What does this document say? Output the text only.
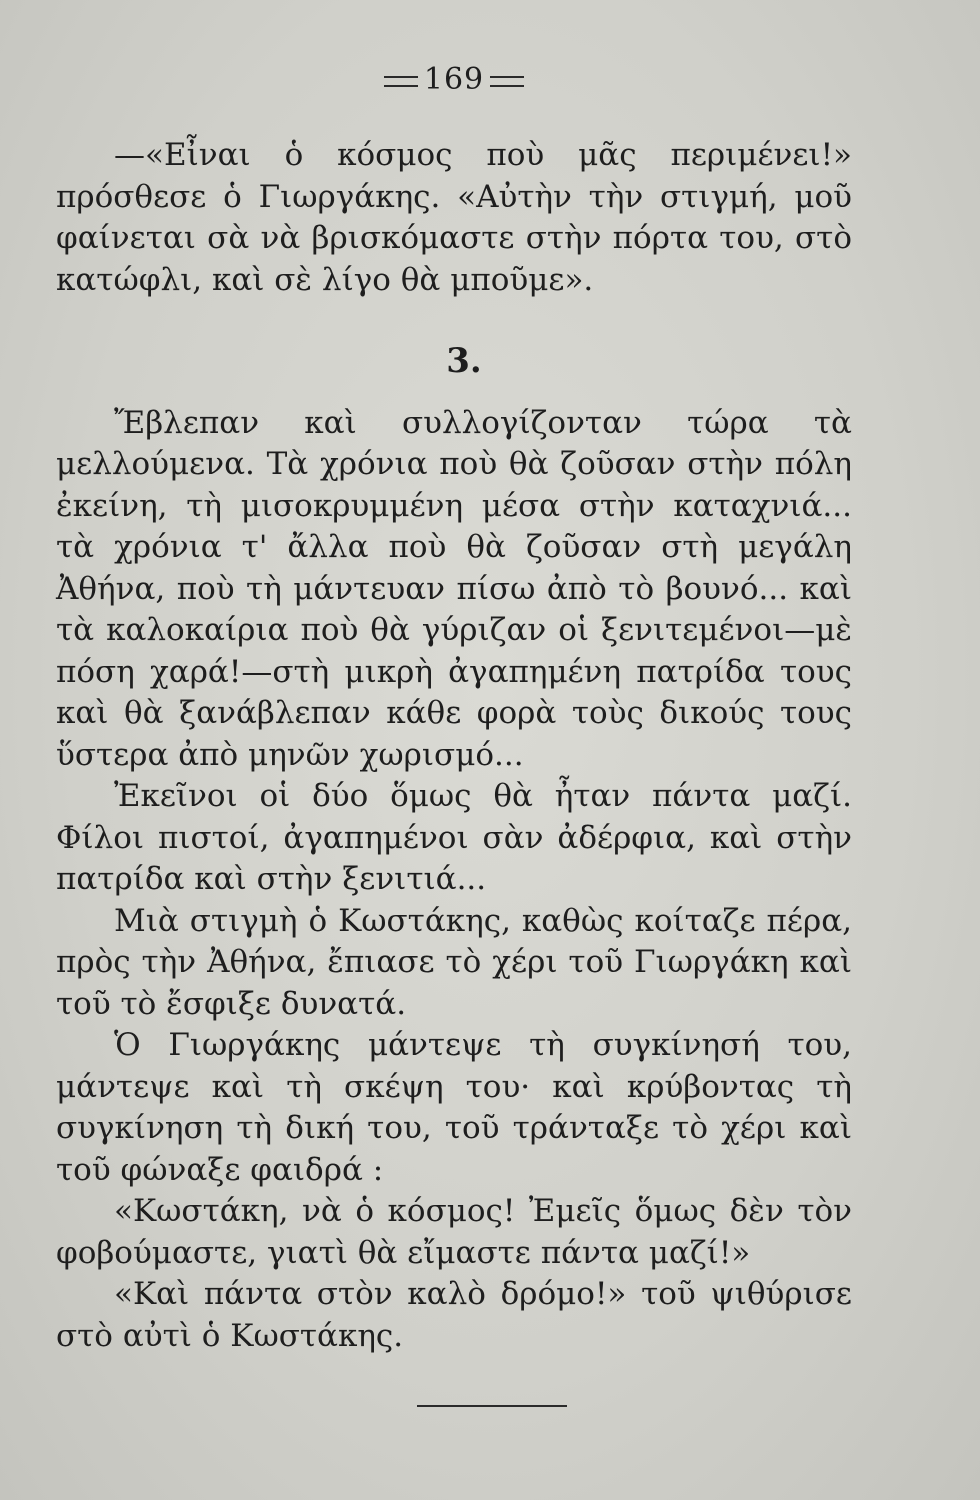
169

—«Εἶναι ὁ κόσμος ποὺ μᾶς περιμένει!» πρόσθεσε ὁ Γιωργάκης. «Αὐτὴν τὴν στιγμή, μοῦ φαίνεται σὰ νὰ βρισκόμαστε στὴν πόρτα του, στὸ κατώφλι, καὶ σὲ λίγο θὰ μποῦμε».

3.

Ἔβλεπαν καὶ συλλογίζονταν τώρα τὰ μελλούμενα. Τὰ χρόνια ποὺ θὰ ζοῦσαν στὴν πόλη ἐκείνη, τὴ μισοκρυμμένη μέσα στὴν καταχνιά... τὰ χρόνια τ' ἄλλα ποὺ θὰ ζοῦσαν στὴ μεγάλη Ἀθήνα, ποὺ τὴ μάντευαν πίσω ἀπὸ τὸ βουνό... καὶ τὰ καλοκαίρια ποὺ θὰ γύριζαν οἱ ξενιτεμένοι—μὲ πόση χαρά!—στὴ μικρὴ ἀγαπημένη πατρίδα τους καὶ θὰ ξανάβλεπαν κάθε φορὰ τοὺς δικούς τους ὕστερα ἀπὸ μηνῶν χωρισμό...

Ἐκεῖνοι οἱ δύο ὅμως θὰ ἦταν πάντα μαζί. Φίλοι πιστοί, ἀγαπημένοι σὰν ἀδέρφια, καὶ στὴν πατρίδα καὶ στὴν ξενιτιά...

Μιὰ στιγμὴ ὁ Κωστάκης, καθὼς κοίταζε πέρα, πρὸς τὴν Ἀθήνα, ἔπιασε τὸ χέρι τοῦ Γιωργάκη καὶ τοῦ τὸ ἔσφιξε δυνατά.

Ὁ Γιωργάκης μάντεψε τὴ συγκίνησή του, μάντεψε καὶ τὴ σκέψη του· καὶ κρύβοντας τὴ συγκίνηση τὴ δική του, τοῦ τράνταξε τὸ χέρι καὶ τοῦ φώναξε φαιδρά :

«Κωστάκη, νὰ ὁ κόσμος! Ἐμεῖς ὅμως δὲν τὸν φοβούμαστε, γιατὶ θὰ εἴμαστε πάντα μαζί!»

«Καὶ πάντα στὸν καλὸ δρόμο!» τοῦ ψιθύρισε στὸ αὐτὶ ὁ Κωστάκης.
